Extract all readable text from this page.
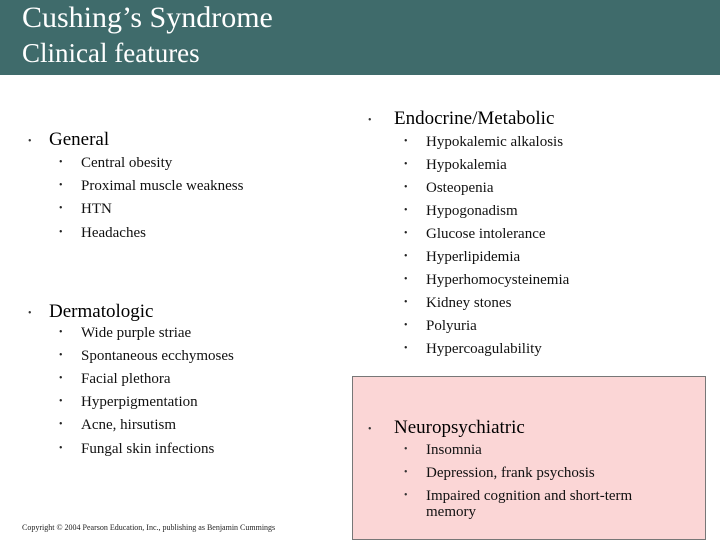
Cushing’s Syndrome
Clinical features
• General
• Central obesity
• Proximal muscle weakness
• HTN
• Headaches
• Dermatologic
• Wide purple striae
• Spontaneous ecchymoses
• Facial plethora
• Hyperpigmentation
• Acne, hirsutism
• Fungal skin infections
• Endocrine/Metabolic
• Hypokalemic alkalosis
• Hypokalemia
• Osteopenia
• Hypogonadism
• Glucose intolerance
• Hyperlipidemia
• Hyperhomocysteinemia
• Kidney stones
• Polyuria
• Hypercoagulability
• Neuropsychiatric
• Insomnia
• Depression, frank psychosis
• Impaired cognition and short-term
memory
Copyright © 2004 Pearson Education, Inc., publishing as Benjamin Cummings
